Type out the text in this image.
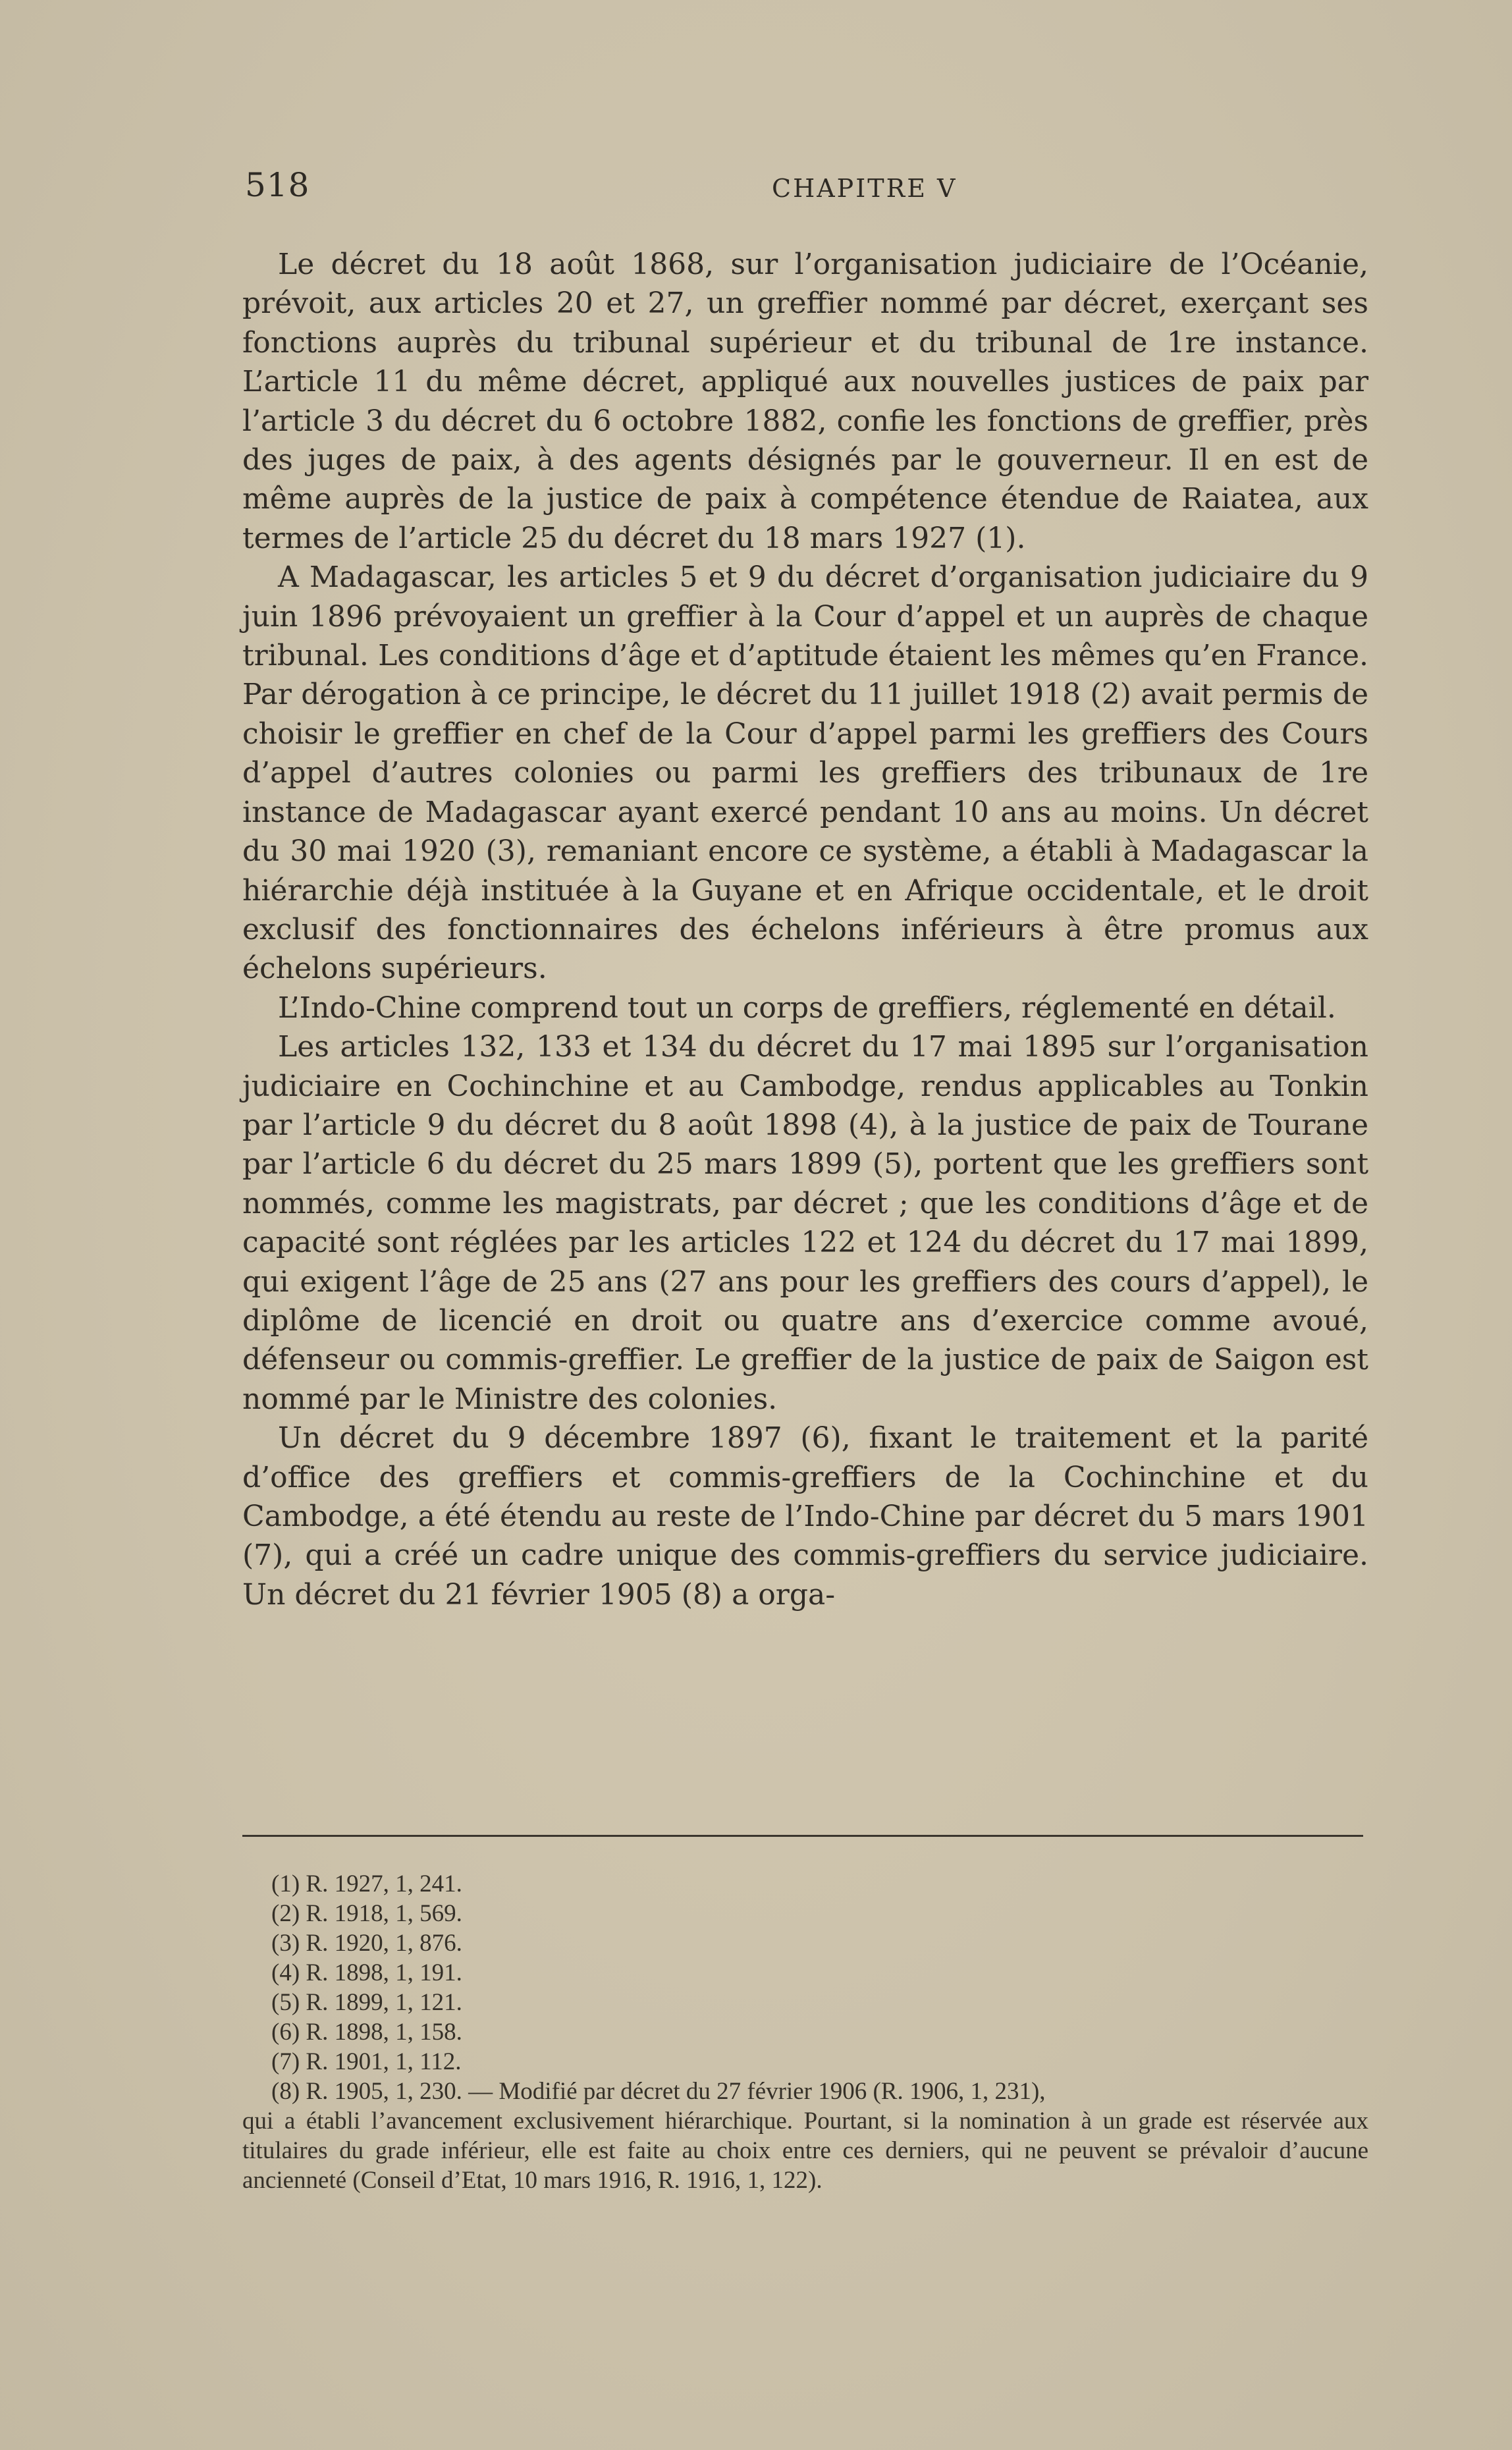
518	CHAPITRE V

Le décret du 18 août 1868, sur l’organisation judiciaire de l’Océanie, prévoit, aux articles 20 et 27, un greffier nommé par décret, exerçant ses fonctions auprès du tribunal supérieur et du tribunal de 1re instance. L’article 11 du même décret, appliqué aux nouvelles justices de paix par l’article 3 du décret du 6 octobre 1882, confie les fonctions de greffier, près des juges de paix, à des agents désignés par le gouverneur. Il en est de même auprès de la justice de paix à compétence étendue de Raiatea, aux termes de l’article 25 du décret du 18 mars 1927 (1).

A Madagascar, les articles 5 et 9 du décret d’organisation judiciaire du 9 juin 1896 prévoyaient un greffier à la Cour d’appel et un auprès de chaque tribunal. Les conditions d’âge et d’aptitude étaient les mêmes qu’en France. Par dérogation à ce principe, le décret du 11 juillet 1918 (2) avait permis de choisir le greffier en chef de la Cour d’appel parmi les greffiers des Cours d’appel d’autres colonies ou parmi les greffiers des tribunaux de 1re instance de Madagascar ayant exercé pendant 10 ans au moins. Un décret du 30 mai 1920 (3), remaniant encore ce système, a établi à Madagascar la hiérarchie déjà instituée à la Guyane et en Afrique occidentale, et le droit exclusif des fonctionnaires des échelons inférieurs à être promus aux échelons supérieurs.

L’Indo-Chine comprend tout un corps de greffiers, réglementé en détail.

Les articles 132, 133 et 134 du décret du 17 mai 1895 sur l’organisation judiciaire en Cochinchine et au Cambodge, rendus applicables au Tonkin par l’article 9 du décret du 8 août 1898 (4), à la justice de paix de Tourane par l’article 6 du décret du 25 mars 1899 (5), portent que les greffiers sont nommés, comme les magistrats, par décret ; que les conditions d’âge et de capacité sont réglées par les articles 122 et 124 du décret du 17 mai 1899, qui exigent l’âge de 25 ans (27 ans pour les greffiers des cours d’appel), le diplôme de licencié en droit ou quatre ans d’exercice comme avoué, défenseur ou commis-greffier. Le greffier de la justice de paix de Saigon est nommé par le Ministre des colonies.

Un décret du 9 décembre 1897 (6), fixant le traitement et la parité d’office des greffiers et commis-greffiers de la Cochinchine et du Cambodge, a été étendu au reste de l’Indo-Chine par décret du 5 mars 1901 (7), qui a créé un cadre unique des commis-greffiers du service judiciaire. Un décret du 21 février 1905 (8) a orga-

(1) R. 1927, 1, 241.

(2) R. 1918, 1, 569.

(3) R. 1920, 1, 876.

(4) R. 1898, 1, 191.

(5) R. 1899, 1, 121.

(6) R. 1898, 1, 158.

(7) R. 1901, 1, 112.

(8) R. 1905, 1, 230. — Modifié par décret du 27 février 1906 (R. 1906, 1, 231),

qui a établi l’avancement exclusivement hiérarchique. Pourtant, si la nomination à un grade est réservée aux titulaires du grade inférieur, elle est faite au choix entre ces derniers, qui ne peuvent se prévaloir d’aucune ancienneté (Conseil d’Etat, 10 mars 1916, R. 1916, 1, 122).
